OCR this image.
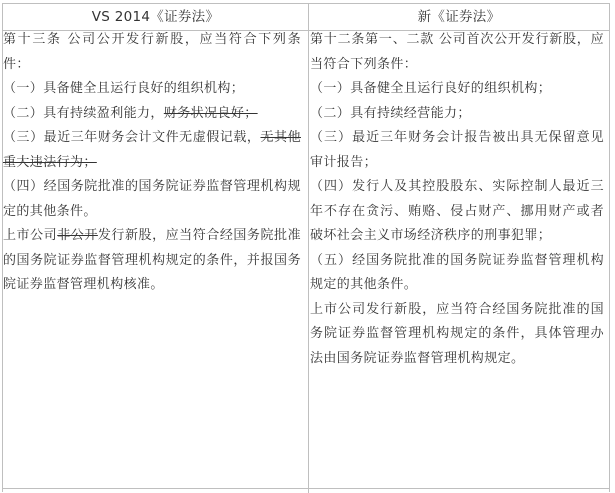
VS 2014《证券法》	新《证券法》

第十三条 公司公开发行新股，应当符合下列条件：

（一）具备健全且运行良好的组织机构；

（二）具有持续盈利能力，财务状况良好；

（三）最近三年财务会计文件无虚假记载，无其他重大违法行为；

（四）经国务院批准的国务院证券监督管理机构规定的其他条件。

上市公司非公开发行新股，应当符合经国务院批准的国务院证券监督管理机构规定的条件，并报国务院证券监督管理机构核准。

第十二条第一、二款 公司首次公开发行新股，应当符合下列条件：

（一）具备健全且运行良好的组织机构；

（二）具有持续经营能力；

（三）最近三年财务会计报告被出具无保留意见审计报告；

（四）发行人及其控股股东、实际控制人最近三年不存在贪污、贿赂、侵占财产、挪用财产或者破坏社会主义市场经济秩序的刑事犯罪；

（五）经国务院批准的国务院证券监督管理机构规定的其他条件。

上市公司发行新股，应当符合经国务院批准的国务院证券监督管理机构规定的条件，具体管理办法由国务院证券监督管理机构规定。
